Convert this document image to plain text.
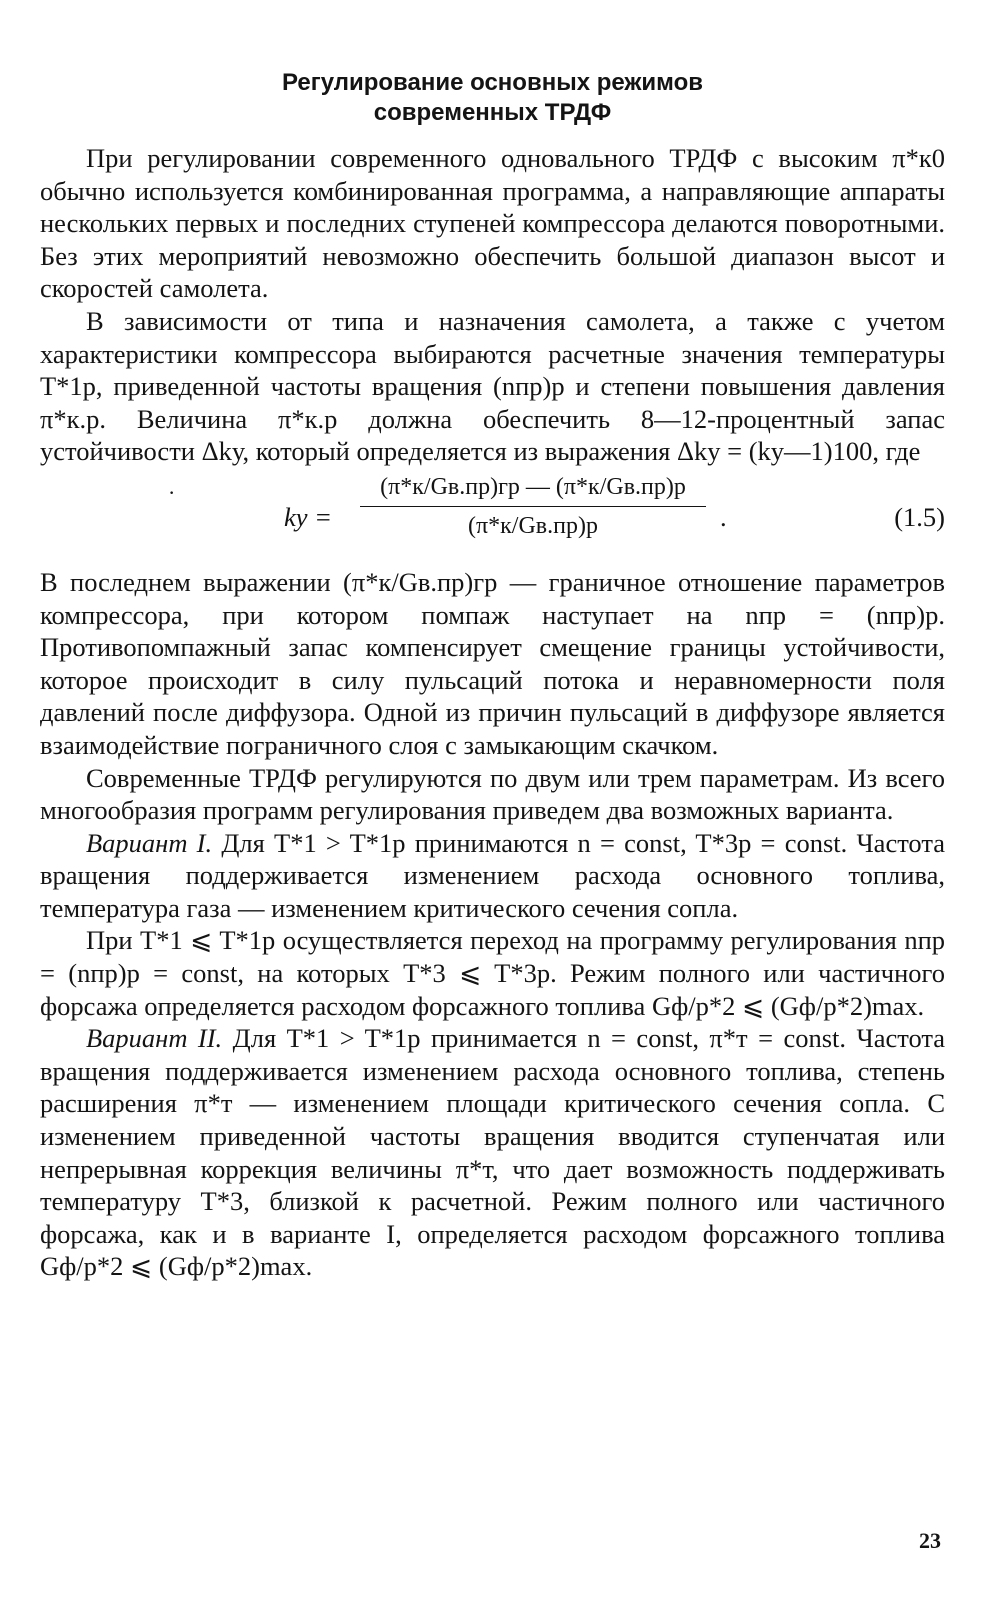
Регулирование основных режимов
современных ТРДФ

При регулировании современного одновального ТРДФ с высоким π*к0 обычно используется комбинированная программа, а направляющие аппараты нескольких первых и последних ступеней компрессора делаются поворотными. Без этих мероприятий невозможно обеспечить большой диапазон высот и скоростей самолета.

В зависимости от типа и назначения самолета, а также с учетом характеристики компрессора выбираются расчетные значения температуры T*1р, приведенной частоты вращения (nпр)р и степени повышения давления π*к.р. Величина π*к.р должна обеспечить 8—12-процентный запас устойчивости Δkу, который определяется из выражения Δkу = (kу—1)100, где

·
kу =
(π*к/Gв.пр)гр — (π*к/Gв.пр)р
(π*к/Gв.пр)р	.	(1.5)

В последнем выражении (π*к/Gв.пр)гр — граничное отношение параметров компрессора, при котором помпаж наступает на nпр = (nпр)р. Противопомпажный запас компенсирует смещение границы устойчивости, которое происходит в силу пульсаций потока и неравномерности поля давлений после диффузора. Одной из причин пульсаций в диффузоре является взаимодействие пограничного слоя с замыкающим скачком.

Современные ТРДФ регулируются по двум или трем параметрам. Из всего многообразия программ регулирования приведем два возможных варианта.

Вариант I. Для T*1 > T*1р принимаются n = const, T*3р = const. Частота вращения поддерживается изменением расхода основного топлива, температура газа — изменением критического сечения сопла.

При T*1 ⩽ T*1р осуществляется переход на программу регулирования nпр = (nпр)р = const, на которых T*3 ⩽ T*3р. Режим полного или частичного форсажа определяется расходом форсажного топлива Gф/p*2 ⩽ (Gф/p*2)max.

Вариант II. Для T*1 > T*1р принимается n = const, π*т = const. Частота вращения поддерживается изменением расхода основного топлива, степень расширения π*т — изменением площади критического сечения сопла. С изменением приведенной частоты вращения вводится ступенчатая или непрерывная коррекция величины π*т, что дает возможность поддерживать температуру T*3, близкой к расчетной. Режим полного или частичного форсажа, как и в варианте I, определяется расходом форсажного топлива Gф/p*2 ⩽ (Gф/p*2)max.

23
